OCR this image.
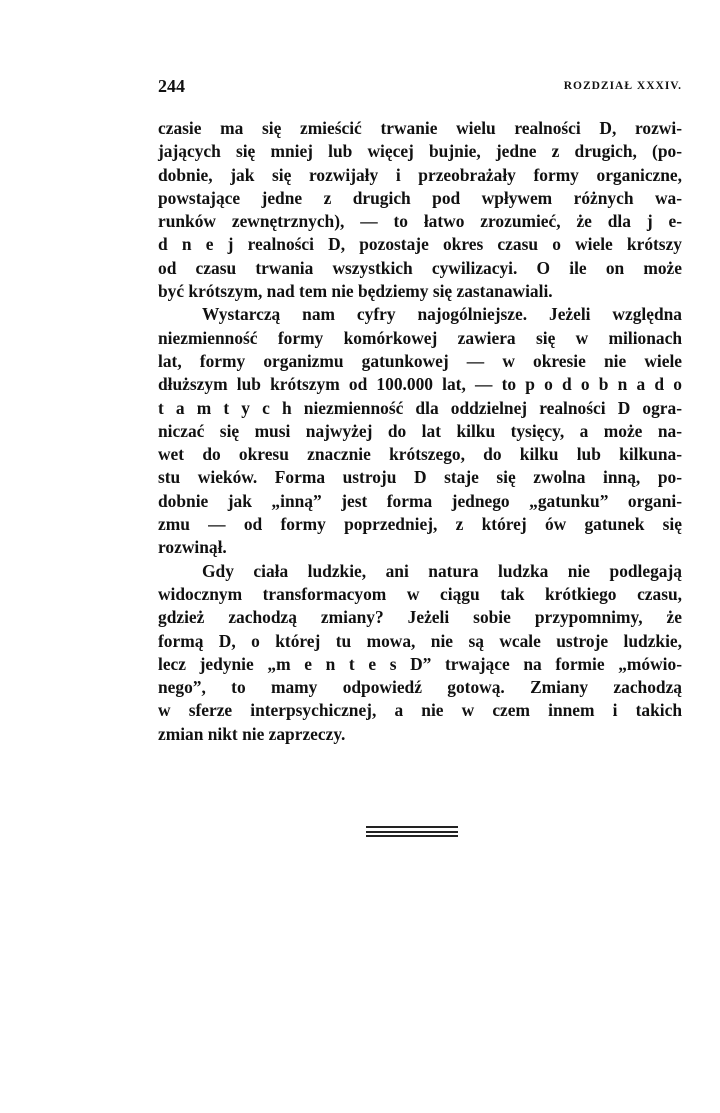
244	ROZDZIAŁ XXXIV.

czasie ma się zmieścić trwanie wielu realności D, rozwi‑
jających się mniej lub więcej bujnie, jedne z drugich, (po‑
dobnie, jak się rozwijały i przeobrażały formy organiczne,
powstające jedne z drugich pod wpływem różnych wa‑
runków zewnętrznych), — to łatwo zrozumieć, że dla j e‑
d n e j realności D, pozostaje okres czasu o wiele krótszy
od czasu trwania wszystkich cywilizacyi. O ile on może
być krótszym, nad tem nie będziemy się zastanawiali.

Wystarczą nam cyfry najogólniejsze. Jeżeli względna
niezmienność formy komórkowej zawiera się w milionach
lat, formy organizmu gatunkowej — w okresie nie wiele
dłuższym lub krótszym od 100.000 lat, — to p o d o b n a d o
t a m t y c h niezmienność dla oddzielnej realności D ogra‑
niczać się musi najwyżej do lat kilku tysięcy, a może na‑
wet do okresu znacznie krótszego, do kilku lub kilkuna‑
stu wieków. Forma ustroju D staje się zwolna inną, po‑
dobnie jak „inną” jest forma jednego „gatunku” organi‑
zmu — od formy poprzedniej, z której ów gatunek się
rozwinął.

Gdy ciała ludzkie, ani natura ludzka nie podlegają
widocznym transformacyom w ciągu tak krótkiego czasu,
gdzież zachodzą zmiany? Jeżeli sobie przypomnimy, że
formą D, o której tu mowa, nie są wcale ustroje ludzkie,
lecz jedynie „m e n t e s D” trwające na formie „mówio‑
nego”, to mamy odpowiedź gotową. Zmiany zachodzą
w sferze interpsychicznej, a nie w czem innem i takich
zmian nikt nie zaprzeczy.
